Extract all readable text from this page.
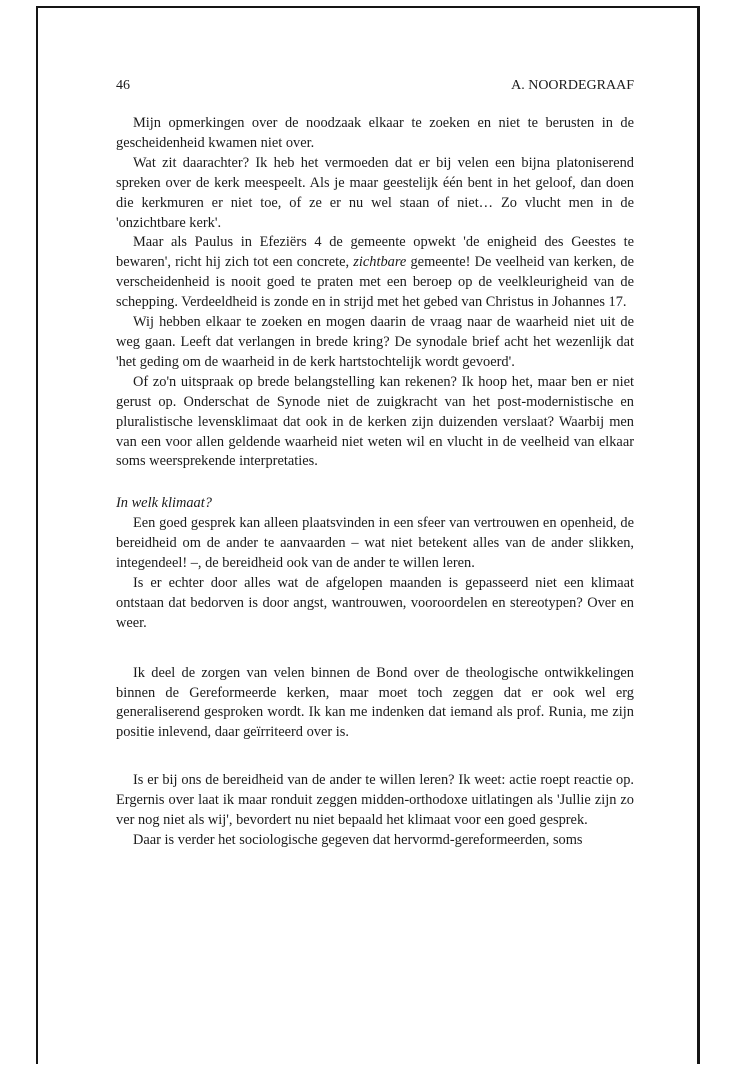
46	A. NOORDEGRAAF

Mijn opmerkingen over de noodzaak elkaar te zoeken en niet te berusten in de gescheidenheid kwamen niet over.

Wat zit daarachter? Ik heb het vermoeden dat er bij velen een bijna platoniserend spreken over de kerk meespeelt. Als je maar geestelijk één bent in het geloof, dan doen die kerkmuren er niet toe, of ze er nu wel staan of niet… Zo vlucht men in de 'onzichtbare kerk'.

Maar als Paulus in Efeziërs 4 de gemeente opwekt 'de enigheid des Geestes te bewaren', richt hij zich tot een concrete, zichtbare gemeente! De veelheid van kerken, de verscheidenheid is nooit goed te praten met een beroep op de veelkleurigheid van de schepping. Verdeeldheid is zonde en in strijd met het gebed van Christus in Johannes 17.

Wij hebben elkaar te zoeken en mogen daarin de vraag naar de waarheid niet uit de weg gaan. Leeft dat verlangen in brede kring? De synodale brief acht het wezenlijk dat 'het geding om de waarheid in de kerk hartstochtelijk wordt gevoerd'.

Of zo'n uitspraak op brede belangstelling kan rekenen? Ik hoop het, maar ben er niet gerust op. Onderschat de Synode niet de zuigkracht van het post-modernistische en pluralistische levensklimaat dat ook in de kerken zijn duizenden verslaat? Waarbij men van een voor allen geldende waarheid niet weten wil en vlucht in de veelheid van elkaar soms weersprekende interpretaties.

In welk klimaat?

Een goed gesprek kan alleen plaatsvinden in een sfeer van vertrouwen en openheid, de bereidheid om de ander te aanvaarden – wat niet betekent alles van de ander slikken, integendeel! –, de bereidheid ook van de ander te willen leren.

Is er echter door alles wat de afgelopen maanden is gepasseerd niet een klimaat ontstaan dat bedorven is door angst, wantrouwen, vooroordelen en stereotypen? Over en weer.

Ik deel de zorgen van velen binnen de Bond over de theologische ontwikkelingen binnen de Gereformeerde kerken, maar moet toch zeggen dat er ook wel erg generaliserend gesproken wordt. Ik kan me indenken dat iemand als prof. Runia, me zijn positie inlevend, daar geïrriteerd over is.

Is er bij ons de bereidheid van de ander te willen leren? Ik weet: actie roept reactie op. Ergernis over laat ik maar ronduit zeggen midden-orthodoxe uitlatingen als 'Jullie zijn zo ver nog niet als wij', bevordert nu niet bepaald het klimaat voor een goed gesprek.

Daar is verder het sociologische gegeven dat hervormd-gereformeerden, soms
